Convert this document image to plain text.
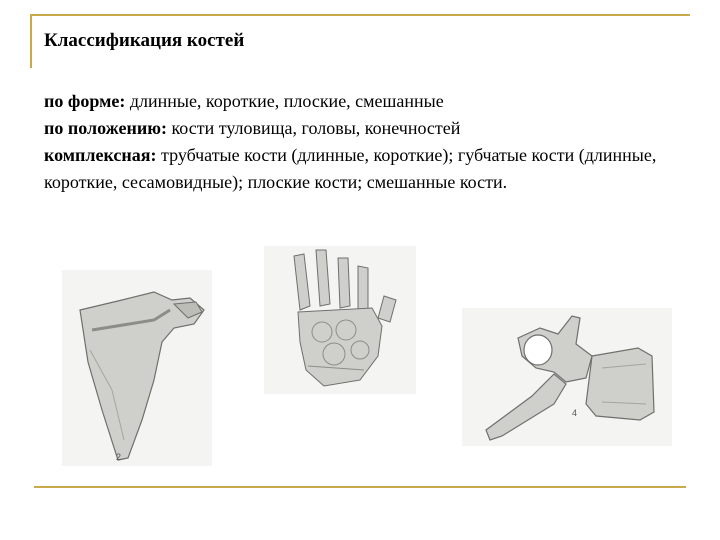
Классификация костей
по форме: длинные, короткие, плоские, смешанные
по положению: кости туловища, головы, конечностей
комплексная: трубчатые кости (длинные, короткие); губчатые кости (длинные, короткие, сесамовидные); плоские кости; смешанные кости.
2
4
